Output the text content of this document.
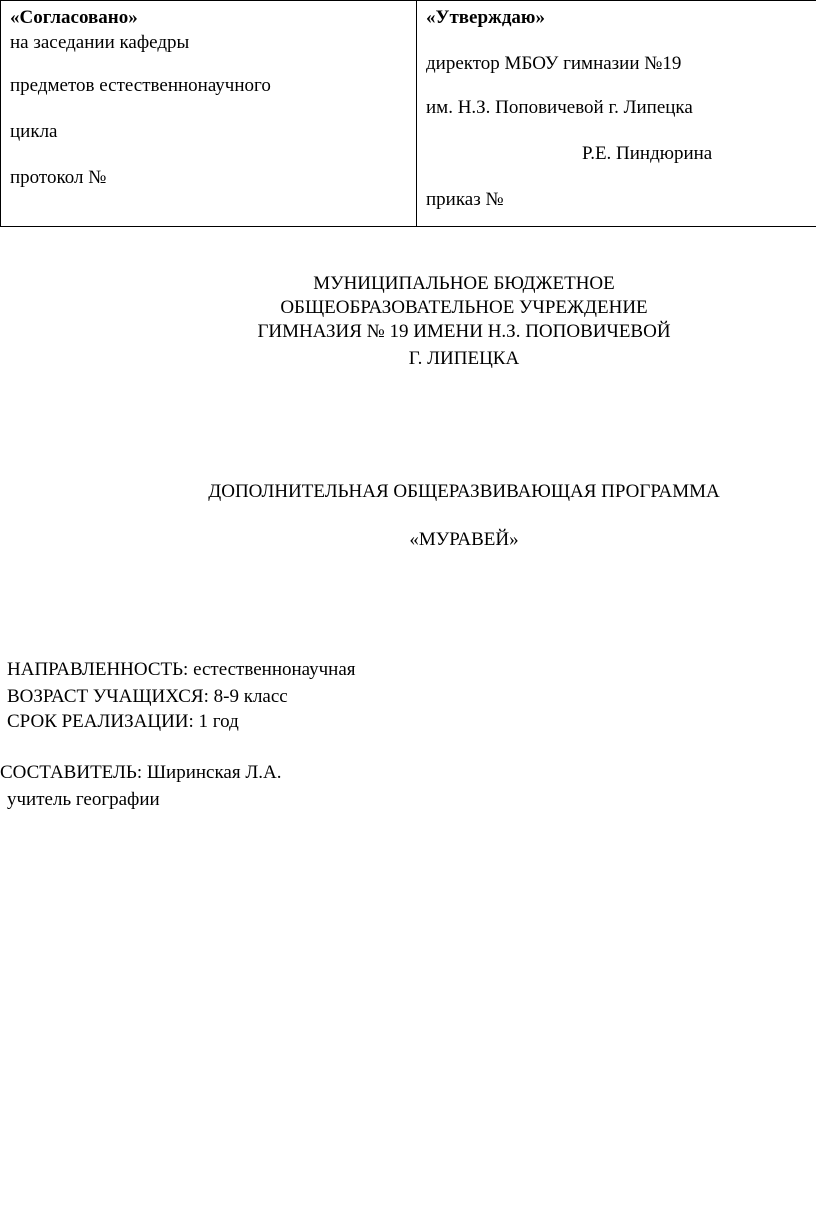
«Согласовано»
на заседании кафедры
предметов естественнонаучного
цикла
протокол №

«Утверждаю»
директор МБОУ гимназии №19
им. Н.З. Поповичевой г. Липецка
Р.Е. Пиндюрина
приказ №
МУНИЦИПАЛЬНОЕ БЮДЖЕТНОЕ
ОБЩЕОБРАЗОВАТЕЛЬНОЕ УЧРЕЖДЕНИЕ
ГИМНАЗИЯ № 19 ИМЕНИ Н.З. ПОПОВИЧЕВОЙ
Г. ЛИПЕЦКА
ДОПОЛНИТЕЛЬНАЯ ОБЩЕРАЗВИВАЮЩАЯ ПРОГРАММА
«МУРАВЕЙ»
НАПРАВЛЕННОСТЬ: естественнонаучная
ВОЗРАСТ УЧАЩИХСЯ: 8-9 класс
СРОК РЕАЛИЗАЦИИ: 1 год
СОСТАВИТЕЛЬ: Ширинская Л.А.
учитель географии
